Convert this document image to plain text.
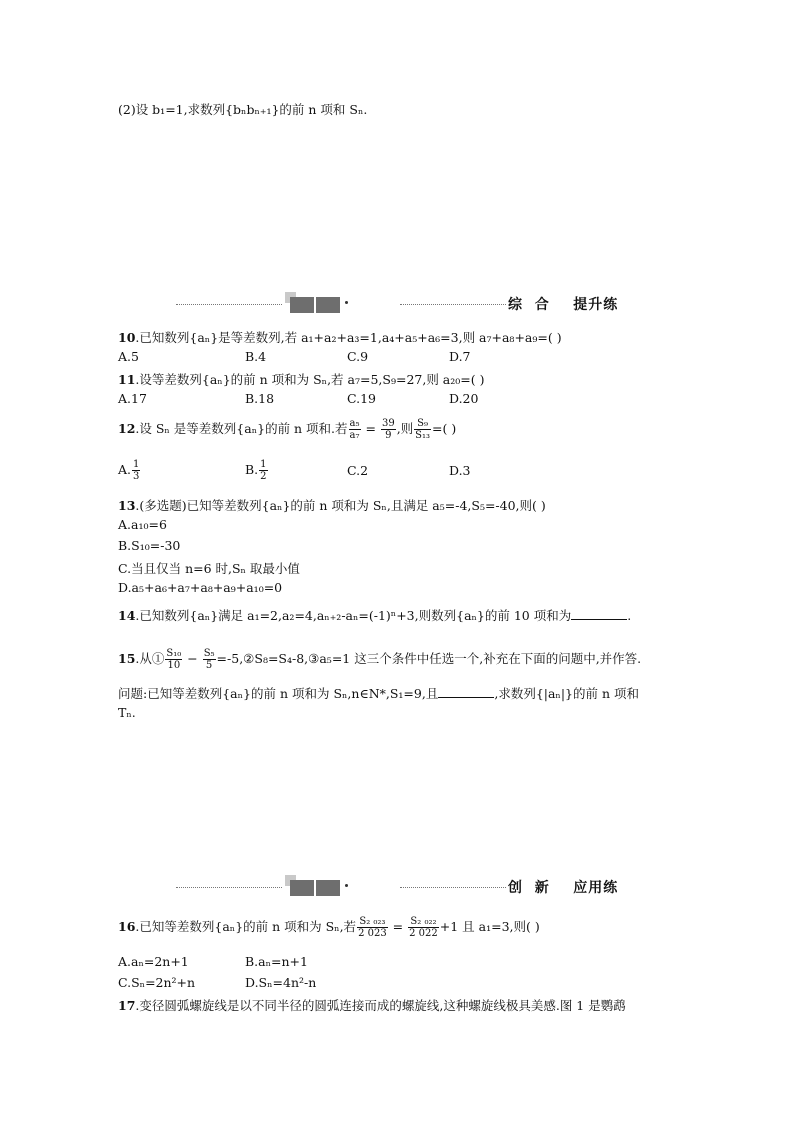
(2)设 b₁=1,求数列{bₙbₙ₊₁}的前 n 项和 Sₙ.
综  合    提升练
10.已知数列{aₙ}是等差数列,若 a₁+a₂+a₃=1,a₄+a₅+a₆=3,则 a₇+a₈+a₉=( )
A.5	B.4	C.9	D.7
11.设等差数列{aₙ}的前 n 项和为 Sₙ,若 a₇=5,S₉=27,则 a₂₀=( )
A.17	B.18	C.19	D.20
12.设 Sₙ 是等差数列{aₙ}的前 n 项和.若 $\frac{\text{a₅}}{\text{a₇}} = \frac{39}{9}$ ,则 $\frac{\text{S₉}}{\text{S₁₃}}$ =( )
A. $\frac{1}{3}$	B. $\frac{1}{2}$	C.2	D.3
13.(多选题)已知等差数列{aₙ}的前 n 项和为 Sₙ,且满足 a₅=-4,S₅=-40,则( )
A.a₁₀=6
B.S₁₀=-30
C.当且仅当 n=6 时,Sₙ 取最小值
D.a₅+a₆+a₇+a₈+a₉+a₁₀=0
14.已知数列{aₙ}满足 a₁=2,a₂=4,aₙ₊₂-aₙ=(-1)ⁿ+3,则数列{aₙ}的前 10 项和为	.
15.从① $\frac{\text{S₁₀}}{10} - \frac{\text{S₅}}{5}$ =-5,②S₈=S₄-8,③a₅=1 这三个条件中任选一个,补充在下面的问题中,并作答.
问题:已知等差数列{aₙ}的前 n 项和为 Sₙ,n∈N*,S₁=9,且	,求数列{|aₙ|}的前 n 项和
Tₙ.
创  新    应用练
16.已知等差数列{aₙ}的前 n 项和为 Sₙ,若 $\frac{\text{S₂ ₀₂₃}}{2 023} = \frac{\text{S₂ ₀₂₂}}{2 022} +1$ 且 a₁=3,则( )
A.aₙ=2n+1	B.aₙ=n+1
C.Sₙ=2n²+n	D.Sₙ=4n²-n
17.变径圆弧螺旋线是以不同半径的圆弧连接而成的螺旋线,这种螺旋线极具美感.图 1 是鹦鹉
